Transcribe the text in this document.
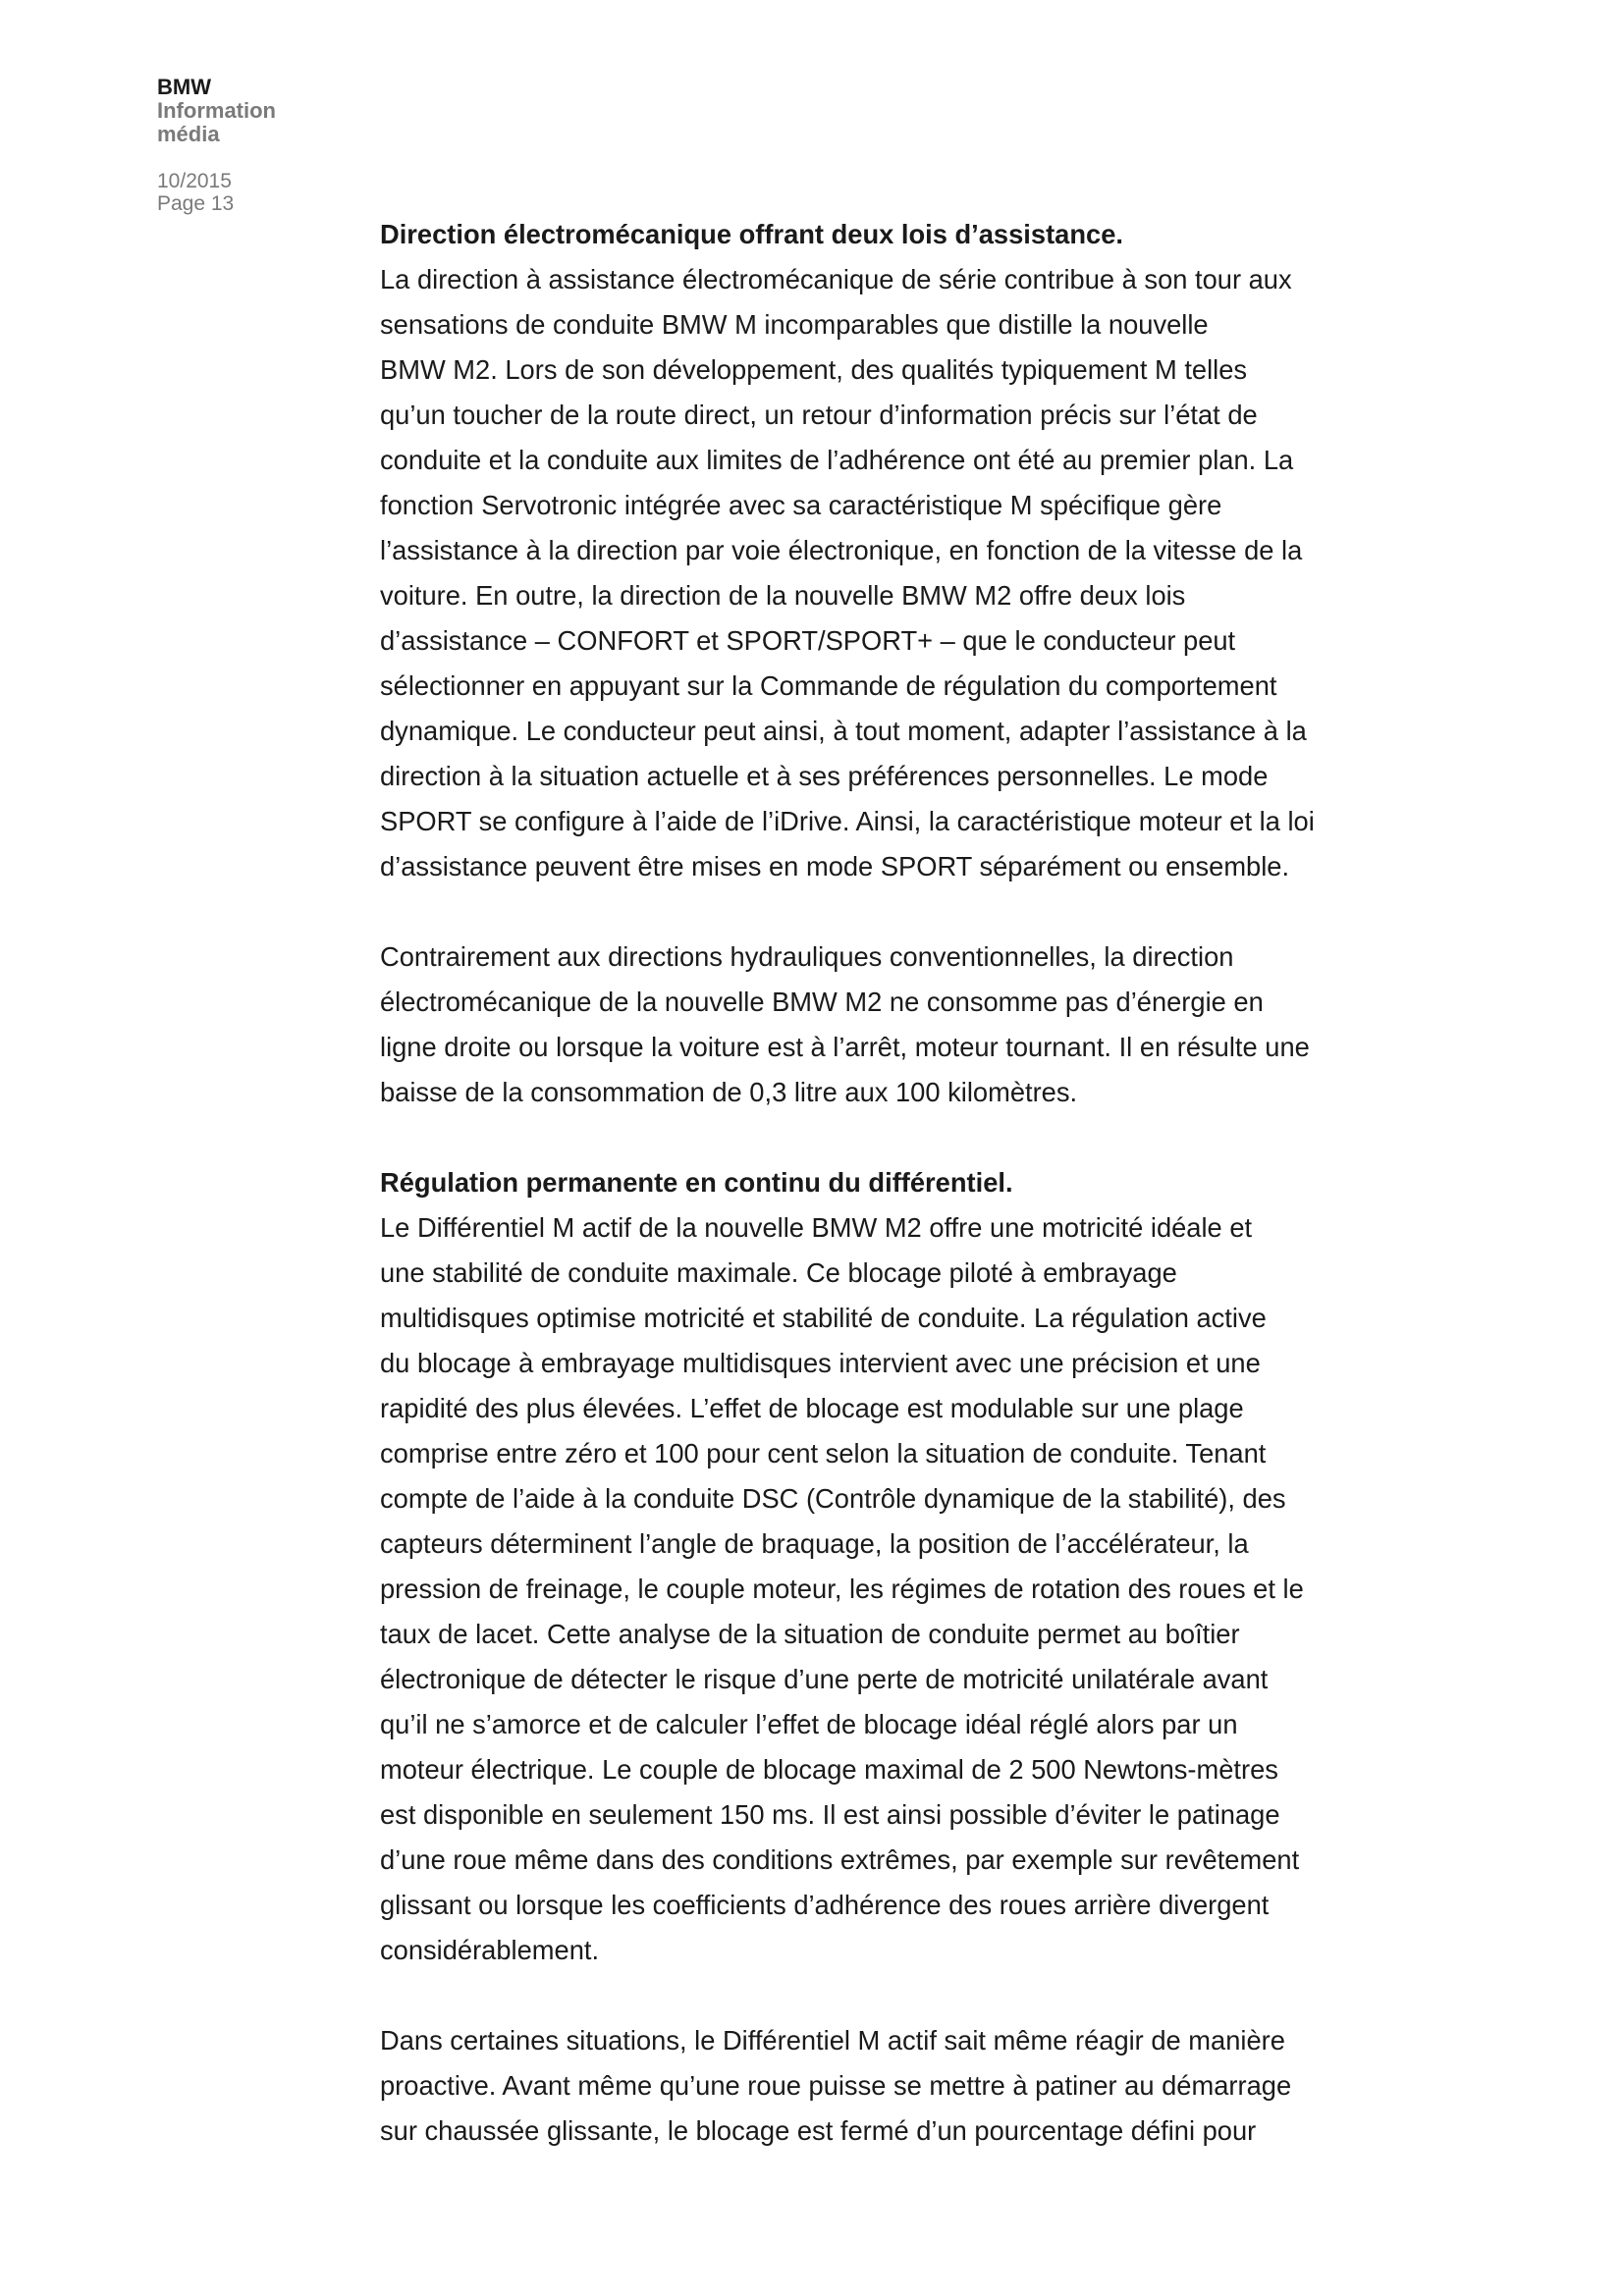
BMW
Information
média
10/2015
Page 13

Direction électromécanique offrant deux lois d’assistance.

La direction à assistance électromécanique de série contribue à son tour aux

sensations de conduite BMW M incomparables que distille la nouvelle

BMW M2. Lors de son développement, des qualités typiquement M telles

qu’un toucher de la route direct, un retour d’information précis sur l’état de

conduite et la conduite aux limites de l’adhérence ont été au premier plan. La

fonction Servotronic intégrée avec sa caractéristique M spécifique gère

l’assistance à la direction par voie électronique, en fonction de la vitesse de la

voiture. En outre, la direction de la nouvelle BMW M2 offre deux lois

d’assistance – CONFORT et SPORT/SPORT+ – que le conducteur peut

sélectionner en appuyant sur la Commande de régulation du comportement

dynamique. Le conducteur peut ainsi, à tout moment, adapter l’assistance à la

direction à la situation actuelle et à ses préférences personnelles. Le mode

SPORT se configure à l’aide de l’iDrive. Ainsi, la caractéristique moteur et la loi

d’assistance peuvent être mises en mode SPORT séparément ou ensemble.

Contrairement aux directions hydrauliques conventionnelles, la direction

électromécanique de la nouvelle BMW M2 ne consomme pas d’énergie en

ligne droite ou lorsque la voiture est à l’arrêt, moteur tournant. Il en résulte une

baisse de la consommation de 0,3 litre aux 100 kilomètres.

Régulation permanente en continu du différentiel.

Le Différentiel M actif de la nouvelle BMW M2 offre une motricité idéale et

une stabilité de conduite maximale. Ce blocage piloté à embrayage

multidisques optimise motricité et stabilité de conduite. La régulation active

du blocage à embrayage multidisques intervient avec une précision et une

rapidité des plus élevées. L’effet de blocage est modulable sur une plage

comprise entre zéro et 100 pour cent selon la situation de conduite. Tenant

compte de l’aide à la conduite DSC (Contrôle dynamique de la stabilité), des

capteurs déterminent l’angle de braquage, la position de l’accélérateur, la

pression de freinage, le couple moteur, les régimes de rotation des roues et le

taux de lacet. Cette analyse de la situation de conduite permet au boîtier

électronique de détecter le risque d’une perte de motricité unilatérale avant

qu’il ne s’amorce et de calculer l’effet de blocage idéal réglé alors par un

moteur électrique. Le couple de blocage maximal de 2 500 Newtons-mètres

est disponible en seulement 150 ms. Il est ainsi possible d’éviter le patinage

d’une roue même dans des conditions extrêmes, par exemple sur revêtement

glissant ou lorsque les coefficients d’adhérence des roues arrière divergent

considérablement.

Dans certaines situations, le Différentiel M actif sait même réagir de manière

proactive. Avant même qu’une roue puisse se mettre à patiner au démarrage

sur chaussée glissante, le blocage est fermé d’un pourcentage défini pour
